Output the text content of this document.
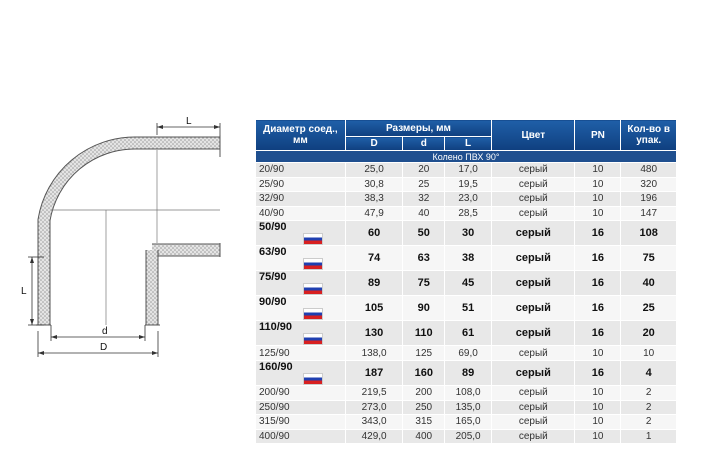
L
L
d
D
Диаметр соед., мм	Размеры, мм			Цвет	PN	Кол-во в упак.
	D	d	L			
Колено ПВХ 90°						
20/90	25,0	20	17,0	серый	10	480
25/90	30,8	25	19,5	серый	10	320
32/90	38,3	32	23,0	серый	10	196
40/90	47,9	40	28,5	серый	10	147
50/90	60	50	30	серый	16	108
63/90	74	63	38	серый	16	75
75/90	89	75	45	серый	16	40
90/90	105	90	51	серый	16	25
110/90	130	110	61	серый	16	20
125/90	138,0	125	69,0	серый	10	10
160/90	187	160	89	серый	16	4
200/90	219,5	200	108,0	серый	10	2
250/90	273,0	250	135,0	серый	10	2
315/90	343,0	315	165,0	серый	10	2
400/90	429,0	400	205,0	серый	10	1
